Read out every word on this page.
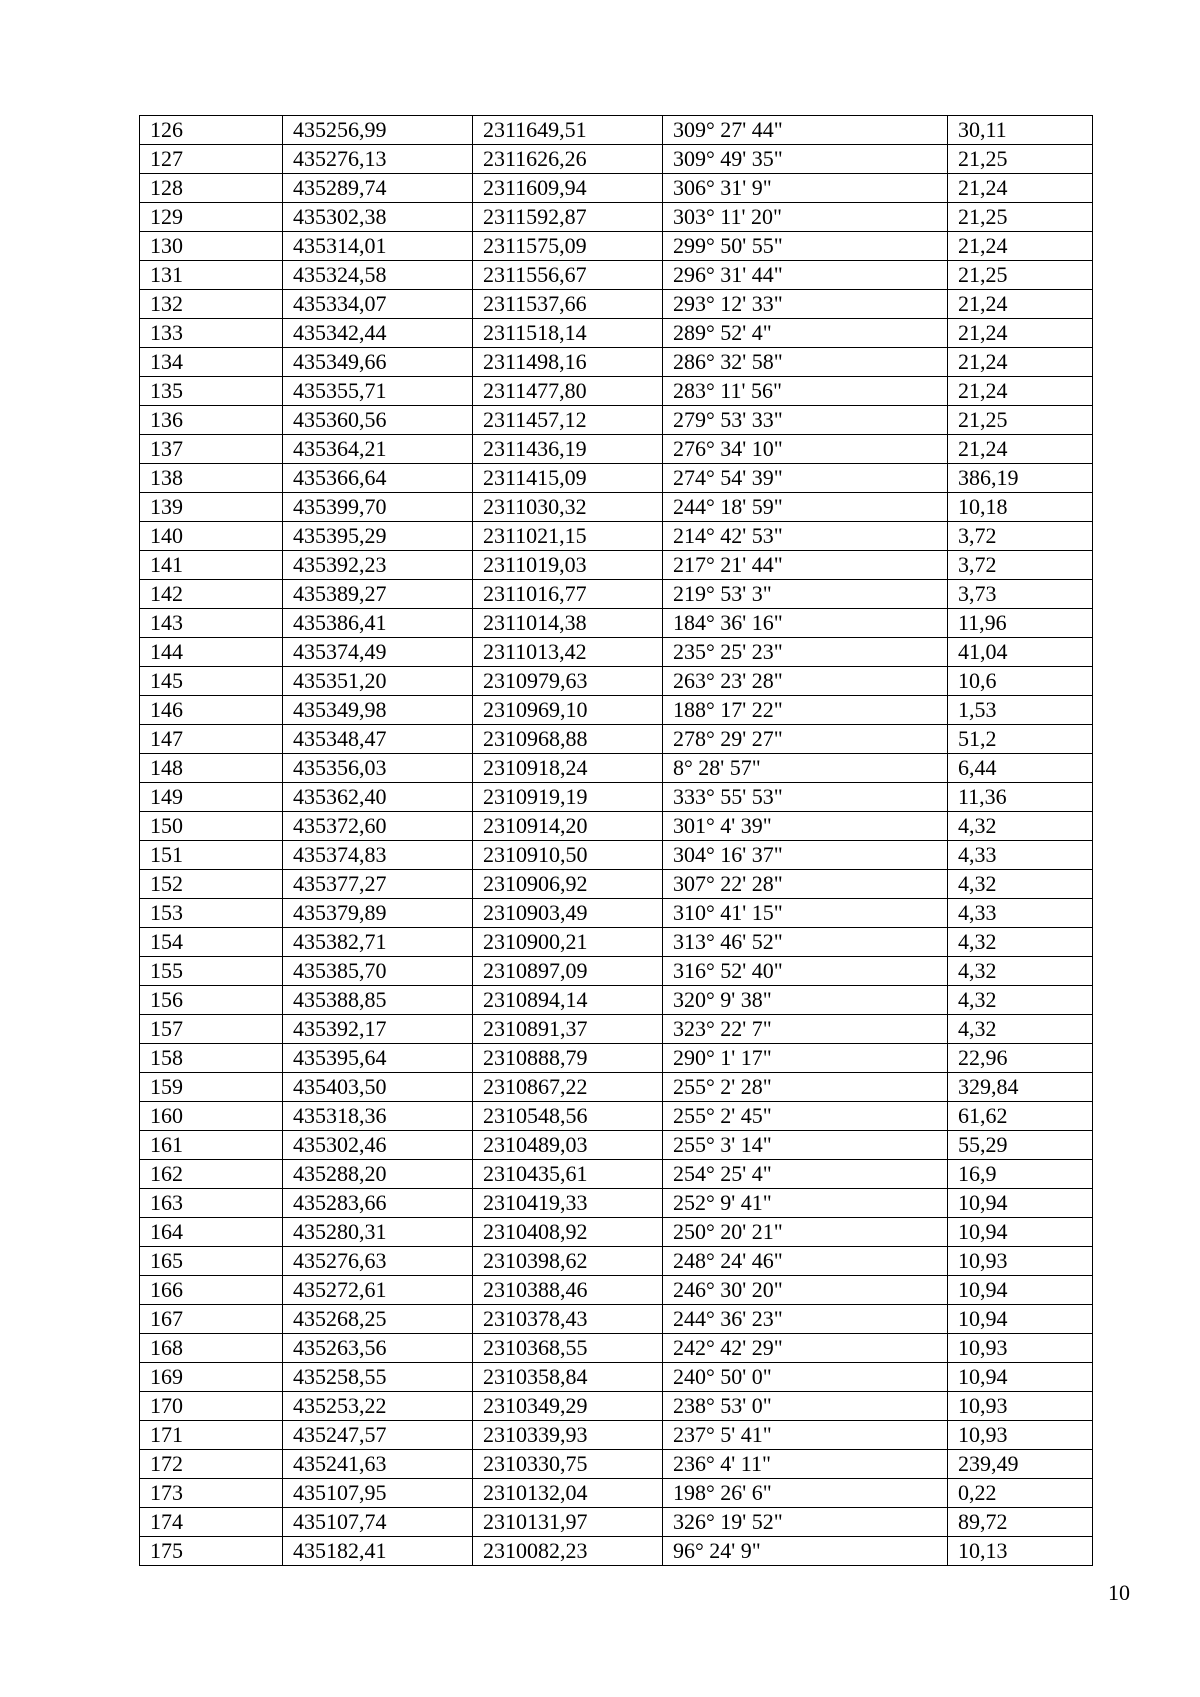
126	435256,99	2311649,51	309° 27' 44"	30,11
127	435276,13	2311626,26	309° 49' 35"	21,25
128	435289,74	2311609,94	306° 31' 9"	21,24
129	435302,38	2311592,87	303° 11' 20"	21,25
130	435314,01	2311575,09	299° 50' 55"	21,24
131	435324,58	2311556,67	296° 31' 44"	21,25
132	435334,07	2311537,66	293° 12' 33"	21,24
133	435342,44	2311518,14	289° 52' 4"	21,24
134	435349,66	2311498,16	286° 32' 58"	21,24
135	435355,71	2311477,80	283° 11' 56"	21,24
136	435360,56	2311457,12	279° 53' 33"	21,25
137	435364,21	2311436,19	276° 34' 10"	21,24
138	435366,64	2311415,09	274° 54' 39"	386,19
139	435399,70	2311030,32	244° 18' 59"	10,18
140	435395,29	2311021,15	214° 42' 53"	3,72
141	435392,23	2311019,03	217° 21' 44"	3,72
142	435389,27	2311016,77	219° 53' 3"	3,73
143	435386,41	2311014,38	184° 36' 16"	11,96
144	435374,49	2311013,42	235° 25' 23"	41,04
145	435351,20	2310979,63	263° 23' 28"	10,6
146	435349,98	2310969,10	188° 17' 22"	1,53
147	435348,47	2310968,88	278° 29' 27"	51,2
148	435356,03	2310918,24	8° 28' 57"	6,44
149	435362,40	2310919,19	333° 55' 53"	11,36
150	435372,60	2310914,20	301° 4' 39"	4,32
151	435374,83	2310910,50	304° 16' 37"	4,33
152	435377,27	2310906,92	307° 22' 28"	4,32
153	435379,89	2310903,49	310° 41' 15"	4,33
154	435382,71	2310900,21	313° 46' 52"	4,32
155	435385,70	2310897,09	316° 52' 40"	4,32
156	435388,85	2310894,14	320° 9' 38"	4,32
157	435392,17	2310891,37	323° 22' 7"	4,32
158	435395,64	2310888,79	290° 1' 17"	22,96
159	435403,50	2310867,22	255° 2' 28"	329,84
160	435318,36	2310548,56	255° 2' 45"	61,62
161	435302,46	2310489,03	255° 3' 14"	55,29
162	435288,20	2310435,61	254° 25' 4"	16,9
163	435283,66	2310419,33	252° 9' 41"	10,94
164	435280,31	2310408,92	250° 20' 21"	10,94
165	435276,63	2310398,62	248° 24' 46"	10,93
166	435272,61	2310388,46	246° 30' 20"	10,94
167	435268,25	2310378,43	244° 36' 23"	10,94
168	435263,56	2310368,55	242° 42' 29"	10,93
169	435258,55	2310358,84	240° 50' 0"	10,94
170	435253,22	2310349,29	238° 53' 0"	10,93
171	435247,57	2310339,93	237° 5' 41"	10,93
172	435241,63	2310330,75	236° 4' 11"	239,49
173	435107,95	2310132,04	198° 26' 6"	0,22
174	435107,74	2310131,97	326° 19' 52"	89,72
175	435182,41	2310082,23	96° 24' 9"	10,13
10
